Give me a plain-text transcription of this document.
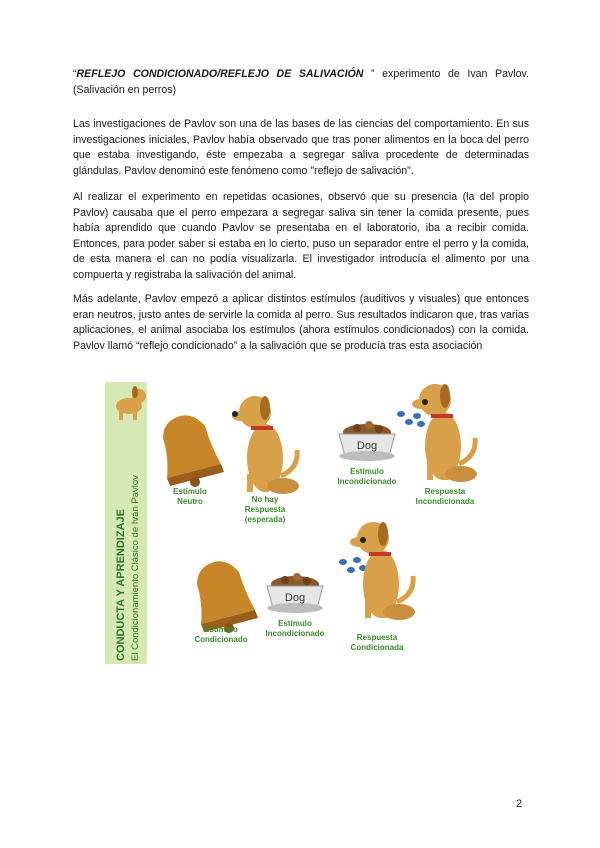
“REFLEJO CONDICIONADO/REFLEJO DE SALIVACIÓN ” experimento de Ivan Pavlov. (Salivación en perros)
Las investigaciones de Pavlov son una de las bases de las ciencias del comportamiento. En sus investigaciones iniciales, Pavlov había observado que tras poner alimentos en la boca del perro que estaba investigando, éste empezaba a segregar saliva procedente de determinadas glándulas. Pavlov denominó este fenómeno como "reflejo de salivación".
Al realizar el experimento en repetidas ocasiones, observó que su presencia (la del propio Pavlov) causaba que el perro empezara a segregar saliva sin tener la comida presente, pues había aprendido que cuando Pavlov se presentaba en el laboratorio, iba a recibir comida. Entonces, para poder saber si estaba en lo cierto, puso un separador entre el perro y la comida, de esta manera el can no podía visualizarla. El investigador introducía el alimento por una compuerta y registraba la salivación del animal.
Más adelante, Pavlov empezó a aplicar distintos estímulos (auditivos y visuales) que entonces eran neutros, justo antes de servirle la comida al perro. Sus resultados indicaron que, tras varias aplicaciones, el animal asociaba los estímulos (ahora estímulos condicionados) con la comida. Pavlov llamó “reflejo condicionado” a la salivación que se producía tras esta asociación
CONDUCTA Y APRENDIZAJE El Condicionamiento Clásico de Iván Pavlov	Estímulo
Neutro	No hay
Respuesta
(esperada)
Dog
Estímulo
Incondicionado
Respuesta
Incondicionada
Estímulo
Condicionado
Dog
Estímulo
Incondicionado	Respuesta
Condicionada
2
